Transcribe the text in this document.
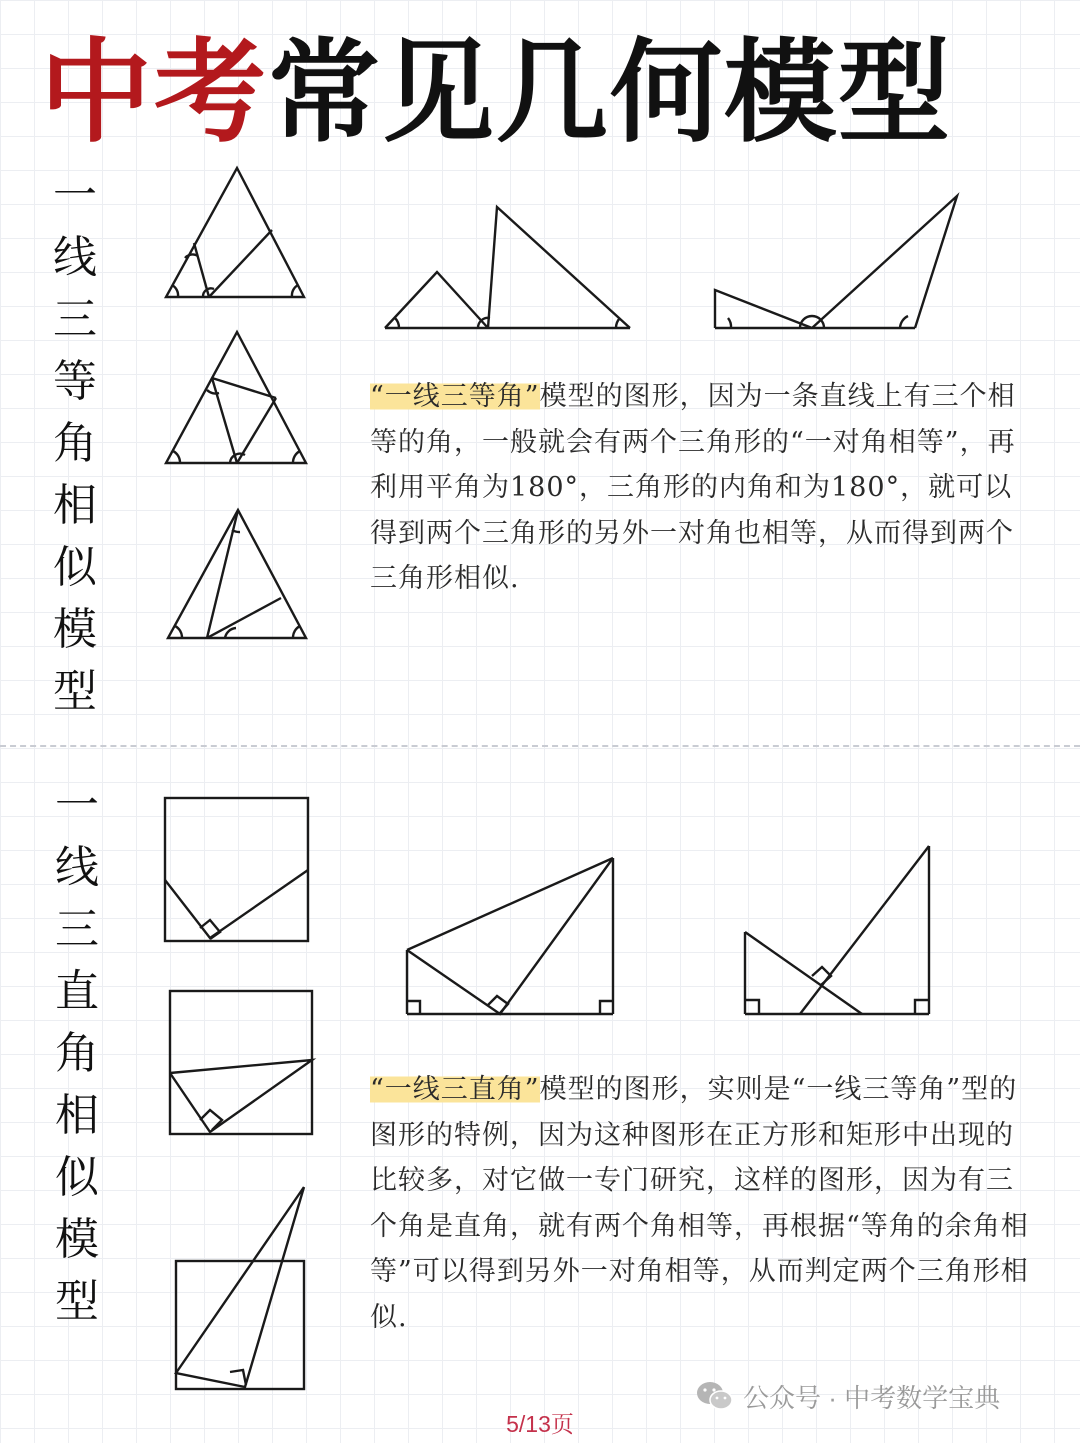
中考常见几何模型
一
线
三
等
角
相
似
模
型
一
线
三
直
角
相
似
模
型
“一线三等角”模型的图形，因为一条直线上有三个相等的角，一般就会有两个三角形的“一对角相等”，再利用平角为180°，三角形的内角和为180°，就可以得到两个三角形的另外一对角也相等，从而得到两个三角形相似.
“一线三直角”模型的图形，实则是“一线三等角”型的图形的特例，因为这种图形在正方形和矩形中出现的比较多，对它做一专门研究，这样的图形，因为有三个角是直角，就有两个角相等，再根据“等角的余角相等”可以得到另外一对角相等，从而判定两个三角形相似.
公众号 · 中考数学宝典
5/13页
